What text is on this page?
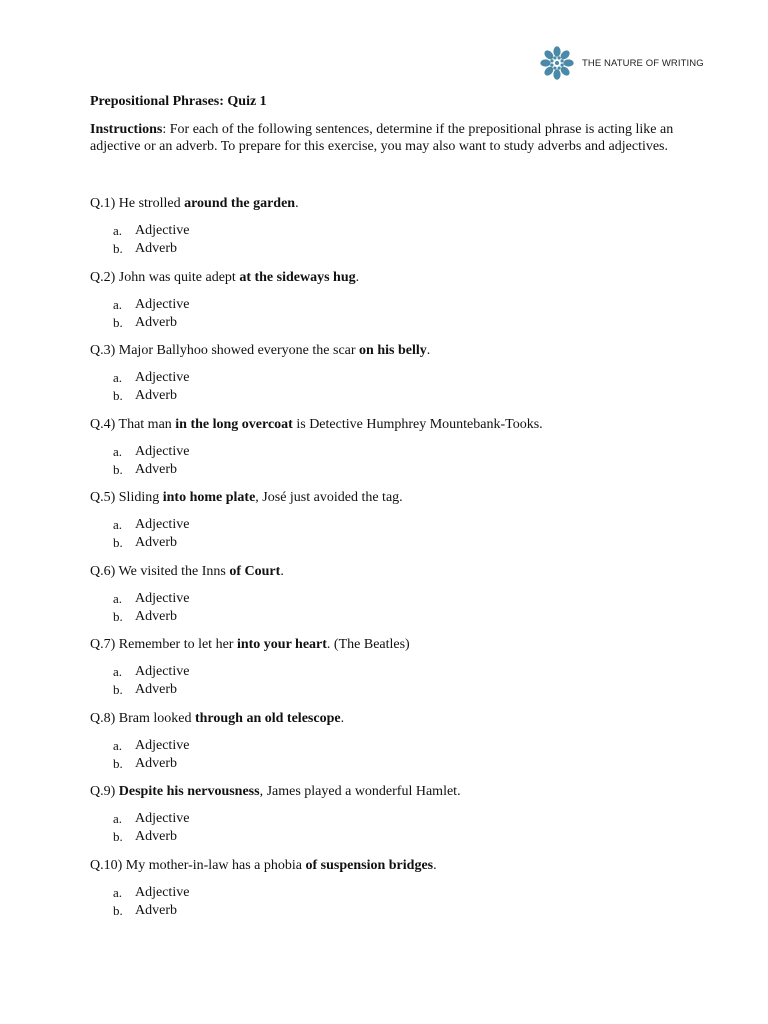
THE NATURE OF WRITING

Prepositional Phrases: Quiz 1

Instructions: For each of the following sentences, determine if the prepositional phrase is acting like an adjective or an adverb. To prepare for this exercise, you may also want to study adverbs and adjectives.

Q.1) He strolled around the garden.

a. Adjective
b. Adverb

Q.2) John was quite adept at the sideways hug.

a. Adjective
b. Adverb

Q.3) Major Ballyhoo showed everyone the scar on his belly.

a. Adjective
b. Adverb

Q.4) That man in the long overcoat is Detective Humphrey Mountebank-Tooks.

a. Adjective
b. Adverb

Q.5) Sliding into home plate, José just avoided the tag.

a. Adjective
b. Adverb

Q.6) We visited the Inns of Court.

a. Adjective
b. Adverb

Q.7) Remember to let her into your heart. (The Beatles)

a. Adjective
b. Adverb

Q.8) Bram looked through an old telescope.

a. Adjective
b. Adverb

Q.9) Despite his nervousness, James played a wonderful Hamlet.

a. Adjective
b. Adverb

Q.10) My mother-in-law has a phobia of suspension bridges.

a. Adjective
b. Adverb
